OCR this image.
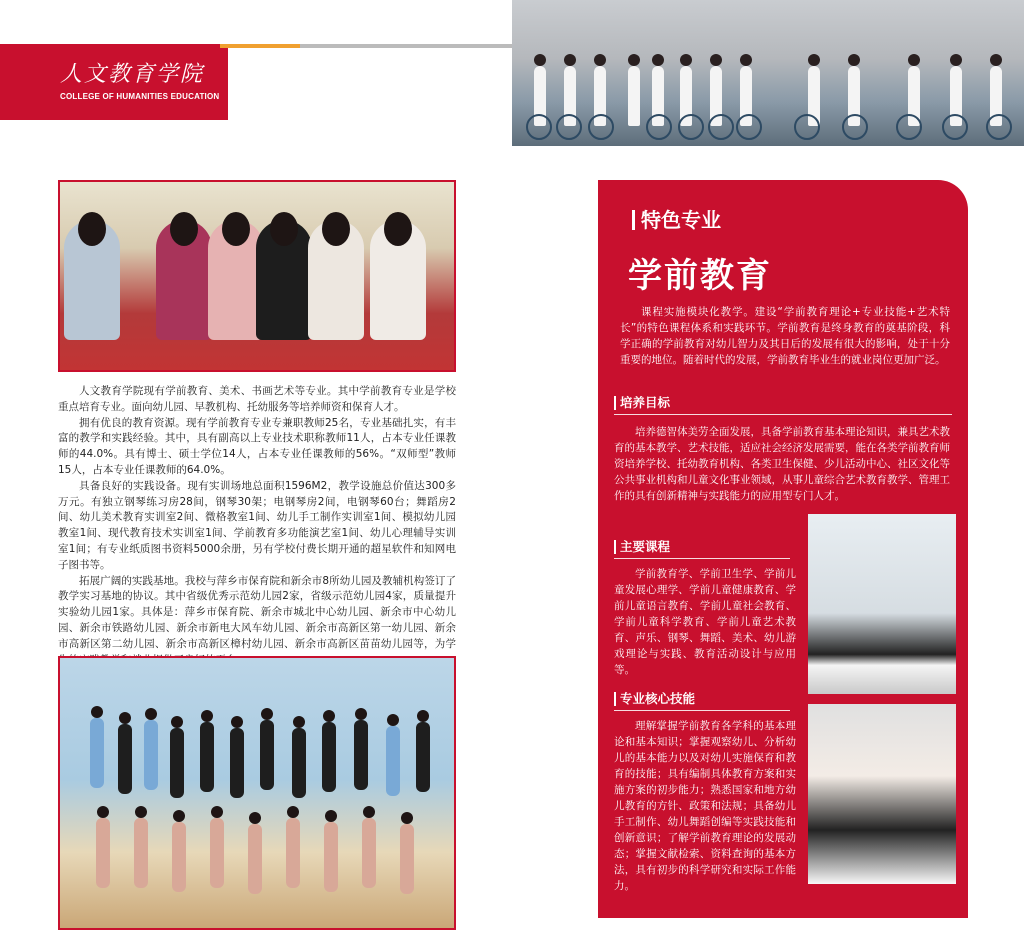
人文教育学院
COLLEGE OF HUMANITIES EDUCATION

人文教育学院现有学前教育、美术、书画艺术等专业。其中学前教育专业是学校重点培育专业。面向幼儿园、早教机构、托幼服务等培养师资和保育人才。

拥有优良的教育资源。现有学前教育专业专兼职教师25名，专业基础扎实，有丰富的教学和实践经验。其中，具有副高以上专业技术职称教师11人，占本专业任课教师的44.0%。具有博士、硕士学位14人，占本专业任课教师的56%。“双师型”教师15人，占本专业任课教师的64.0%。

具备良好的实践设备。现有实训场地总面积1596M2，教学设施总价值达300多万元。有独立钢琴练习房28间，钢琴30架；电钢琴房2间，电钢琴60台；舞蹈房2间、幼儿美术教育实训室2间、微格教室1间、幼儿手工制作实训室1间、模拟幼儿园教室1间、现代教育技术实训室1间、学前教育多功能演艺室1间、幼儿心理辅导实训室1间；有专业纸质图书资料5000余册，另有学校付费长期开通的超星软件和知网电子图书等。

拓展广阔的实践基地。我校与萍乡市保育院和新余市8所幼儿园及教辅机构签订了教学实习基地的协议。其中省级优秀示范幼儿园2家，省级示范幼儿园4家，质量提升实验幼儿园1家。具体是：萍乡市保育院、新余市城北中心幼儿园、新余市中心幼儿园、新余市铁路幼儿园、新余市新电大风车幼儿园、新余市高新区第一幼儿园、新余市高新区第二幼儿园、新余市高新区樟村幼儿园、新余市高新区苗苗幼儿园等，为学

特色专业
学前教育
课程实施模块化教学。建设“学前教育理论+专业技能+艺术特长”的特色课程体系和实践环节。学前教育是终身教育的奠基阶段，科学正确的学前教育对幼儿智力及其日后的发展有很大的影响，处于十分重要的地位。随着时代的发展，学前教育毕业生的就业岗位更加广泛。
培养目标
培养德智体美劳全面发展，具备学前教育基本理论知识，兼具艺术教育的基本教学、艺术技能，适应社会经济发展需要，能在各类学前教育师资培养学校、托幼教育机构、各类卫生保健、少儿活动中心、社区文化等公共事业机构和儿童文化事业领域，从事儿童综合艺术教育教学、管理工作的具有创新精神与实践能力的应用型专门人才。
主要课程
学前教育学、学前卫生学、学前儿童发展心理学、学前儿童健康教育、学前儿童语言教育、学前儿童社会教育、学前儿童科学教育、学前儿童艺术教育、声乐、钢琴、舞蹈、美术、幼儿游戏理论与实践、教育活动设计与应用等。
专业核心技能
理解掌握学前教育各学科的基本理论和基本知识；掌握观察幼儿、分析幼儿的基本能力以及对幼儿实施保育和教育的技能；具有编制具体教育方案和实施方案的初步能力；熟悉国家和地方幼儿教育的方针、政策和法规；具备幼儿手工制作、幼儿舞蹈创编等实践技能和创新意识；了解学前教育理论的发展动态；掌握文献检索、资料查询的基本方法，具有初步的科学研究和实际工作能力。
